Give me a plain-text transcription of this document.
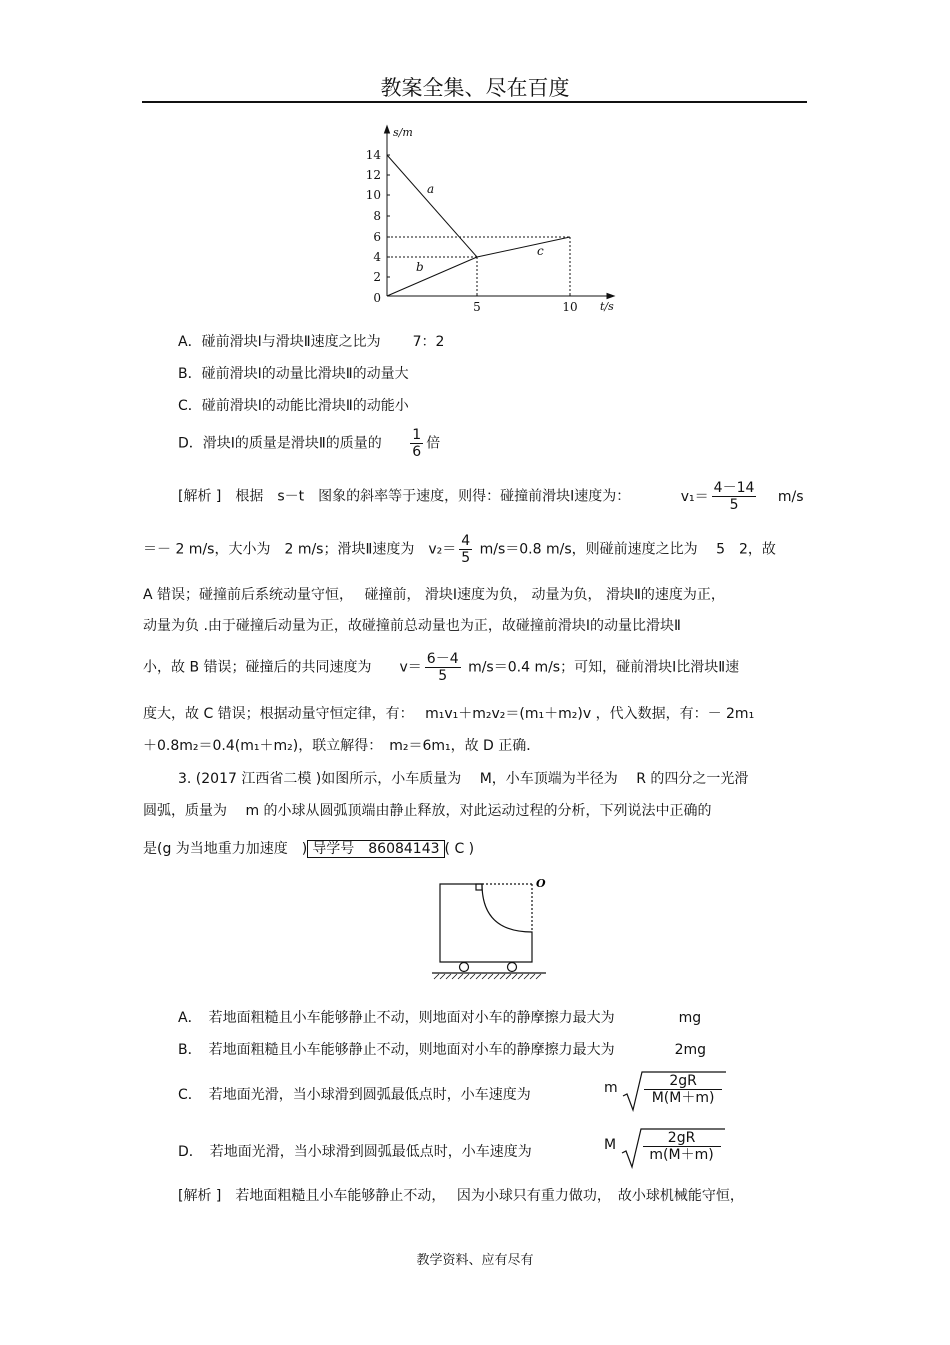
教案全集、尽在百度
s/m
t/s
14
12
10
8
6
4
2
0
5	10
a
b
c
A．碰前滑块Ⅰ与滑块Ⅱ速度之比为 7：2
B．碰前滑块Ⅰ的动量比滑块Ⅱ的动量大
C．碰前滑块Ⅰ的动能比滑块Ⅱ的动能小
D．滑块Ⅰ的质量是滑块Ⅱ的质量的 $\frac{1}{6}$ 倍
[解析 ]　根据　s－t　图象的斜率等于速度，则得：碰撞前滑块Ⅰ速度为：	$v_1= \frac{4-14}{5} m/s$
＝－ 2 m/s，大小为　2 m/s；滑块Ⅱ速度为　$v_2= \frac{4}{5} m/s=0.8$ m/s，则碰前速度之比为　 5　2，故
A 错误；碰撞前后系统动量守恒，　 碰撞前， 滑块Ⅰ速度为负， 动量为负， 滑块Ⅱ的速度为正，
动量为负 .由于碰撞后动量为正，故碰撞前总动量也为正，故碰撞前滑块Ⅰ的动量比滑块Ⅱ
小，故 B 错误；碰撞后的共同速度为　　$v= \frac{6-4}{5} m/s=0.4$ m/s；可知，碰前滑块Ⅰ比滑块Ⅱ速
度大，故 C 错误；根据动量守恒定律，有：　 m₁v₁＋m₂v₂＝(m₁＋m₂)v ，代入数据，有：－ 2m₁
＋0.8m₂＝0.4(m₁＋m₂)，联立解得：　m₂＝6m₁，故 D 正确．
3. (2017 江西省二模 )如图所示，小车质量为　 M，小车顶端为半径为　 R 的四分之一光滑
圆弧，质量为　 m 的小球从圆弧顶端由静止释放，对此运动过程的分析，下列说法中正确的
是(g 为当地重力加速度　) 导学号　86084143 ( C )
O
A．　若地面粗糙且小车能够静止不动，则地面对小车的静摩擦力最大为	mg
B．　若地面粗糙且小车能够静止不动，则地面对小车的静摩擦力最大为	2mg
C．　若地面光滑，当小球滑到圆弧最低点时，小车速度为	m $\frac{2gR}{M(M+m)}$
D．　若地面光滑，当小球滑到圆弧最低点时，小车速度为	M $\frac{2gR}{m(M+m)}$
[解析 ]　若地面粗糙且小车能够静止不动，　 因为小球只有重力做功，　故小球机械能守恒，
教学资料、应有尽有
